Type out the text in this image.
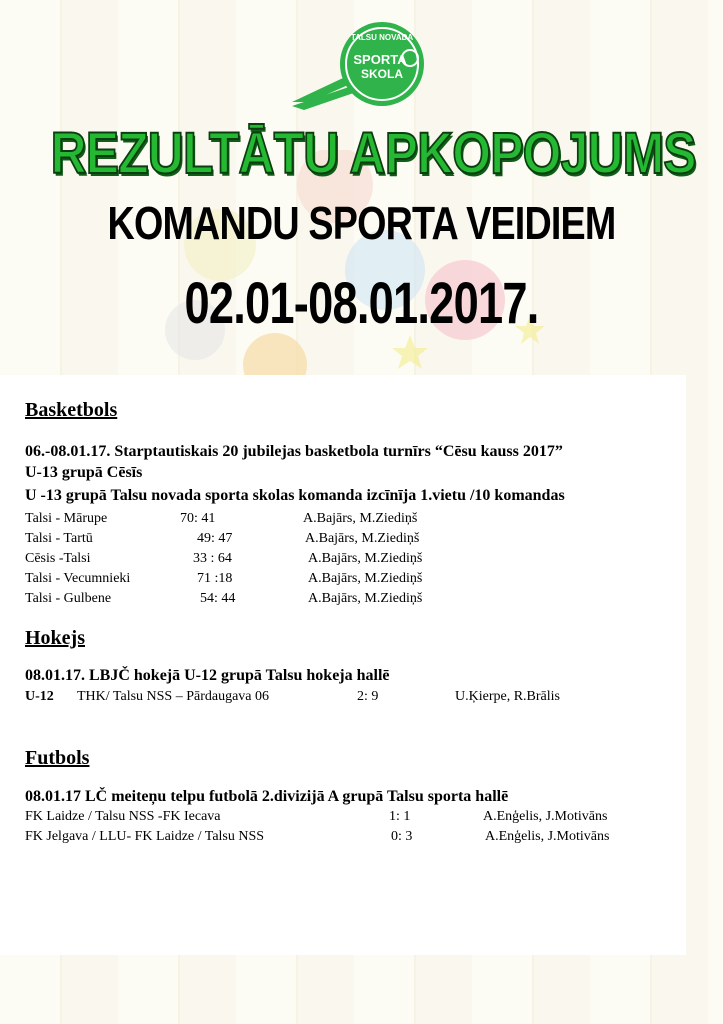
TALSU NOVADA
SPORTA
SKOLA
REZULTĀTU APKOPOJUMS
KOMANDU SPORTA VEIDIEM
02.01-08.01.2017.
Basketbols

06.-08.01.17. Starptautiskais 20 jubilejas basketbola turnīrs “Cēsu kauss 2017”

U-13 grupā Cēsīs

U -13 grupā Talsu novada sporta skolas komanda izcīnīja 1.vietu /10 komandas

Talsi - Mārupe	70: 41	A.Bajārs, M.Ziediņš
Talsi - Tartū	49: 47	A.Bajārs, M.Ziediņš
Cēsis -Talsi	33 : 64	A.Bajārs, M.Ziediņš
Talsi - Vecumnieki	71 :18	A.Bajārs, M.Ziediņš
Talsi - Gulbene	54: 44	A.Bajārs, M.Ziediņš
Hokejs

08.01.17. LBJČ hokejā U-12 grupā Talsu hokeja hallē

U-12 THK/ Talsu NSS – Pārdaugava 06	2: 9	U.Ķierpe, R.Brālis
Futbols

08.01.17 LČ meiteņu telpu futbolā 2.divizijā A grupā Talsu sporta hallē

FK Laidze / Talsu NSS -FK Iecava	1: 1	A.Enģelis, J.Motivāns
FK Jelgava / LLU- FK Laidze / Talsu NSS	0: 3	A.Enģelis, J.Motivāns
